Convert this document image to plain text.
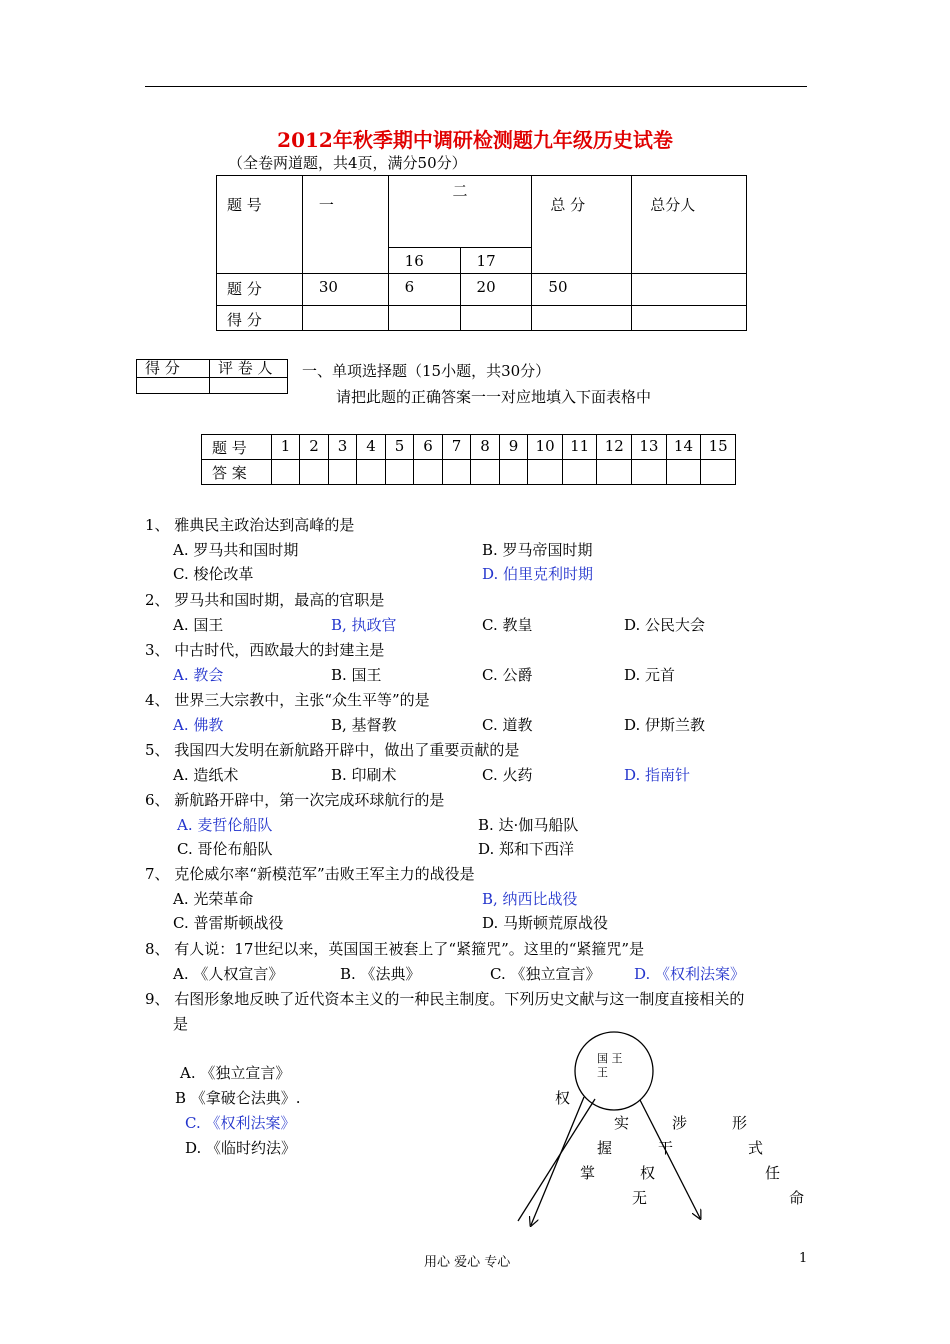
2012年秋季期中调研检测题九年级历史试卷
（全卷两道题，共4页，满分50分）
题 号	一	二		总 分	总分人
		16	17		
题 分	30	6	20	50	
得 分					
得 分	评 卷 人
	一、单项选择题（15小题，共30分）
请把此题的正确答案一一对应地填入下面表格中
题 号	1	2	3	4	5	6	7	8	9	10	11	12	13	14	15
答 案															
1、 雅典民主政治达到高峰的是
A. 罗马共和国时期	B. 罗马帝国时期
C. 梭伦改革	D. 伯里克利时期
2、 罗马共和国时期，最高的官职是
A. 国王	B, 执政官	C. 教皇	D. 公民大会
3、 中古时代，西欧最大的封建主是
A. 教会	B. 国王	C. 公爵	D. 元首
4、 世界三大宗教中，主张“众生平等”的是
A. 佛教	B, 基督教	C. 道教	D. 伊斯兰教
5、 我国四大发明在新航路开辟中，做出了重要贡献的是
A. 造纸术	B. 印刷术	C. 火药	D. 指南针
6、 新航路开辟中，第一次完成环球航行的是
A. 麦哲伦船队	B. 达·伽马船队
C. 哥伦布船队	D. 郑和下西洋
7、 克伦威尔率“新模范军”击败王军主力的战役是
A. 光荣革命	B, 纳西比战役
C. 普雷斯顿战役	D. 马斯顿荒原战役
8、 有人说：17世纪以来，英国国王被套上了“紧箍咒”。这里的“紧箍咒”是
A. 《人权宣言》	B. 《法典》	C. 《独立宣言》 D. 《权利法案》
9、 右图形象地反映了近代资本主义的一种民主制度。下列历史文献与这一制度直接相关的
是
A. 《独立宣言》
B 《拿破仑法典》.
C. 《权利法案》
D. 《临时约法》
国 王
王
权
实
握
掌	权
无
涉
干
形
式
任
命
用心 爱心 专心	1
